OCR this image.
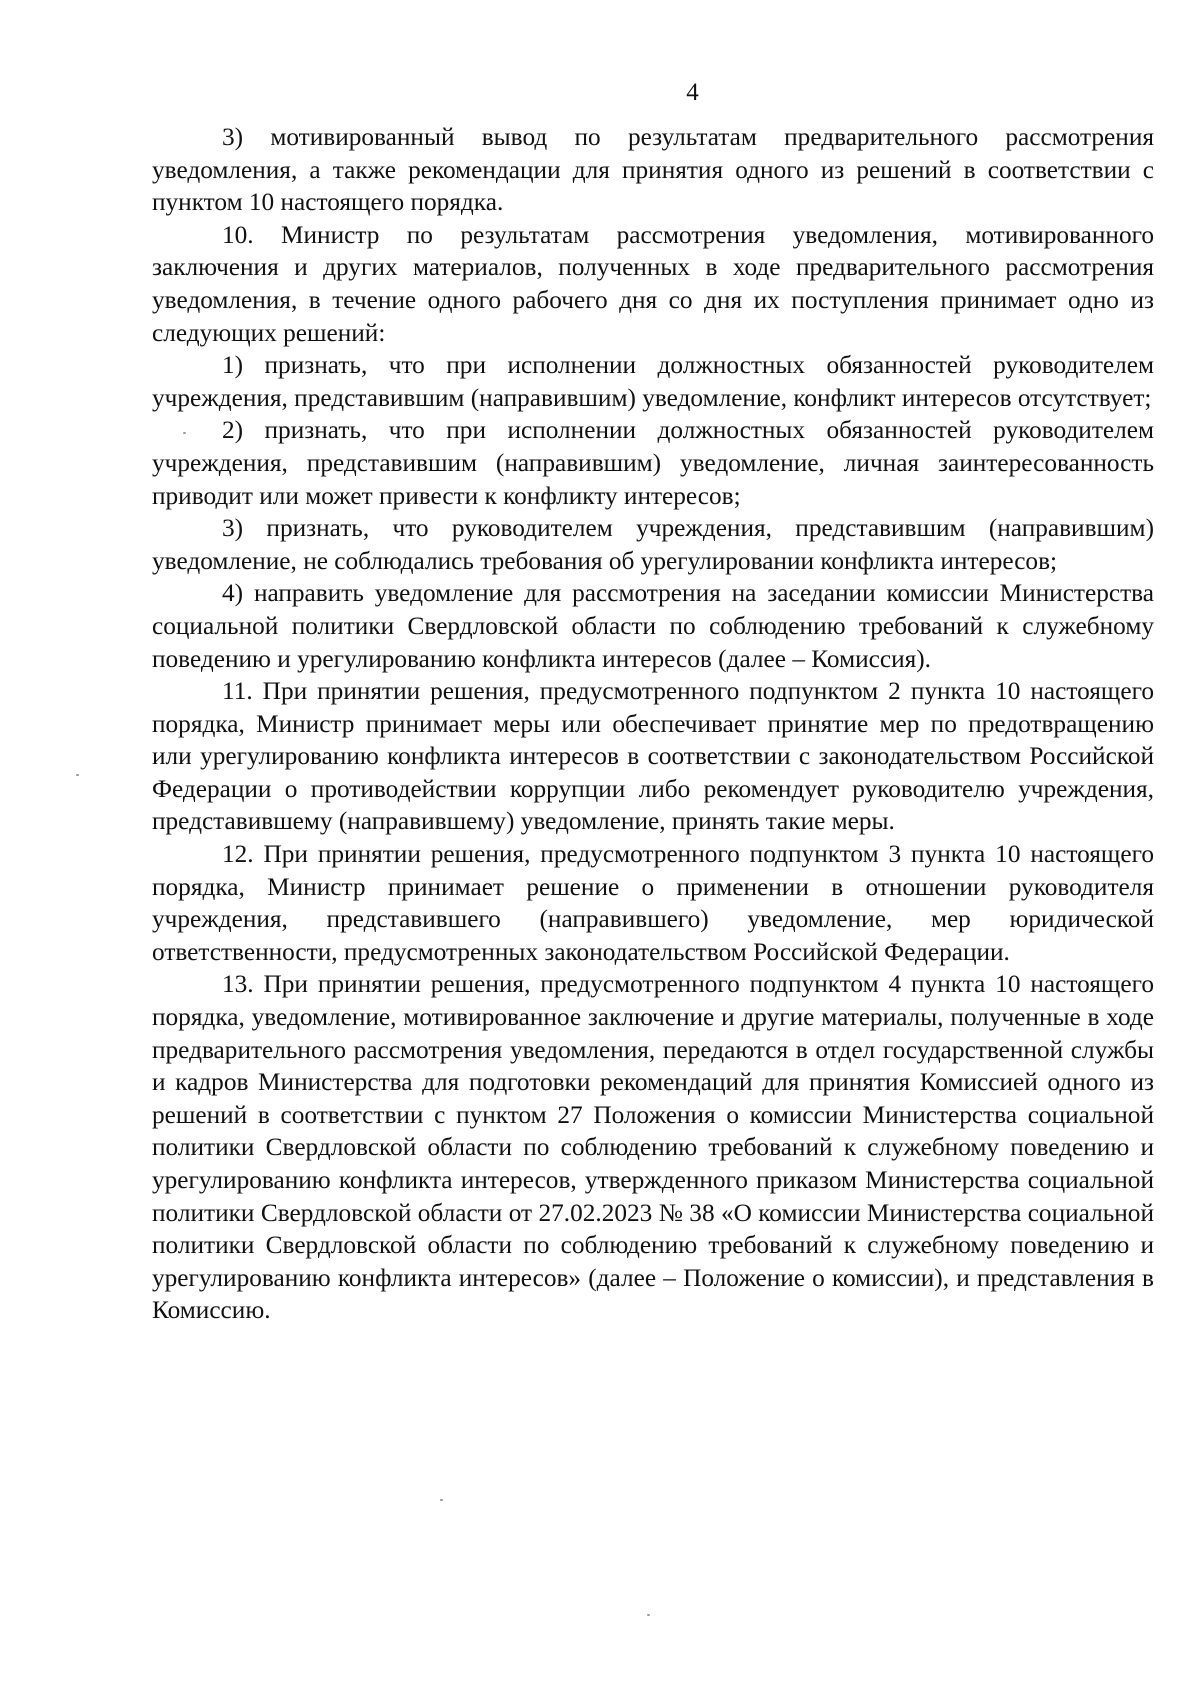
4

3) мотивированный вывод по результатам предварительного рассмотрения уведомления, а также рекомендации для принятия одного из решений в соответствии с пунктом 10 настоящего порядка.

10. Министр по результатам рассмотрения уведомления, мотивированного заключения и других материалов, полученных в ходе предварительного рассмотрения уведомления, в течение одного рабочего дня со дня их поступления принимает одно из следующих решений:

1) признать, что при исполнении должностных обязанностей руководителем учреждения, представившим (направившим) уведомление, конфликт интересов отсутствует;

2) признать, что при исполнении должностных обязанностей руководителем учреждения, представившим (направившим) уведомление, личная заинтересованность приводит или может привести к конфликту интересов;

3) признать, что руководителем учреждения, представившим (направившим) уведомление, не соблюдались требования об урегулировании конфликта интересов;

4) направить уведомление для рассмотрения на заседании комиссии Министерства социальной политики Свердловской области по соблюдению требований к служебному поведению и урегулированию конфликта интересов (далее – Комиссия).

11. При принятии решения, предусмотренного подпунктом 2 пункта 10 настоящего порядка, Министр принимает меры или обеспечивает принятие мер по предотвращению или урегулированию конфликта интересов в соответствии с законодательством Российской Федерации о противодействии коррупции либо рекомендует руководителю учреждения, представившему (направившему) уведомление, принять такие меры.

12. При принятии решения, предусмотренного подпунктом 3 пункта 10 настоящего порядка, Министр принимает решение о применении в отношении руководителя учреждения, представившего (направившего) уведомление, мер юридической ответственности, предусмотренных законодательством Российской Федерации.

13. При принятии решения, предусмотренного подпунктом 4 пункта 10 настоящего порядка, уведомление, мотивированное заключение и другие материалы, полученные в ходе предварительного рассмотрения уведомления, передаются в отдел государственной службы и кадров Министерства для подготовки рекомендаций для принятия Комиссией одного из решений в соответствии с пунктом 27 Положения о комиссии Министерства социальной политики Свердловской области по соблюдению требований к служебному поведению и урегулированию конфликта интересов, утвержденного приказом Министерства социальной политики Свердловской области от 27.02.2023 № 38 «О комиссии Министерства социальной политики Свердловской области по соблюдению требований к служебному поведению и урегулированию конфликта интересов» (далее – Положение о комиссии), и представления в Комиссию.
